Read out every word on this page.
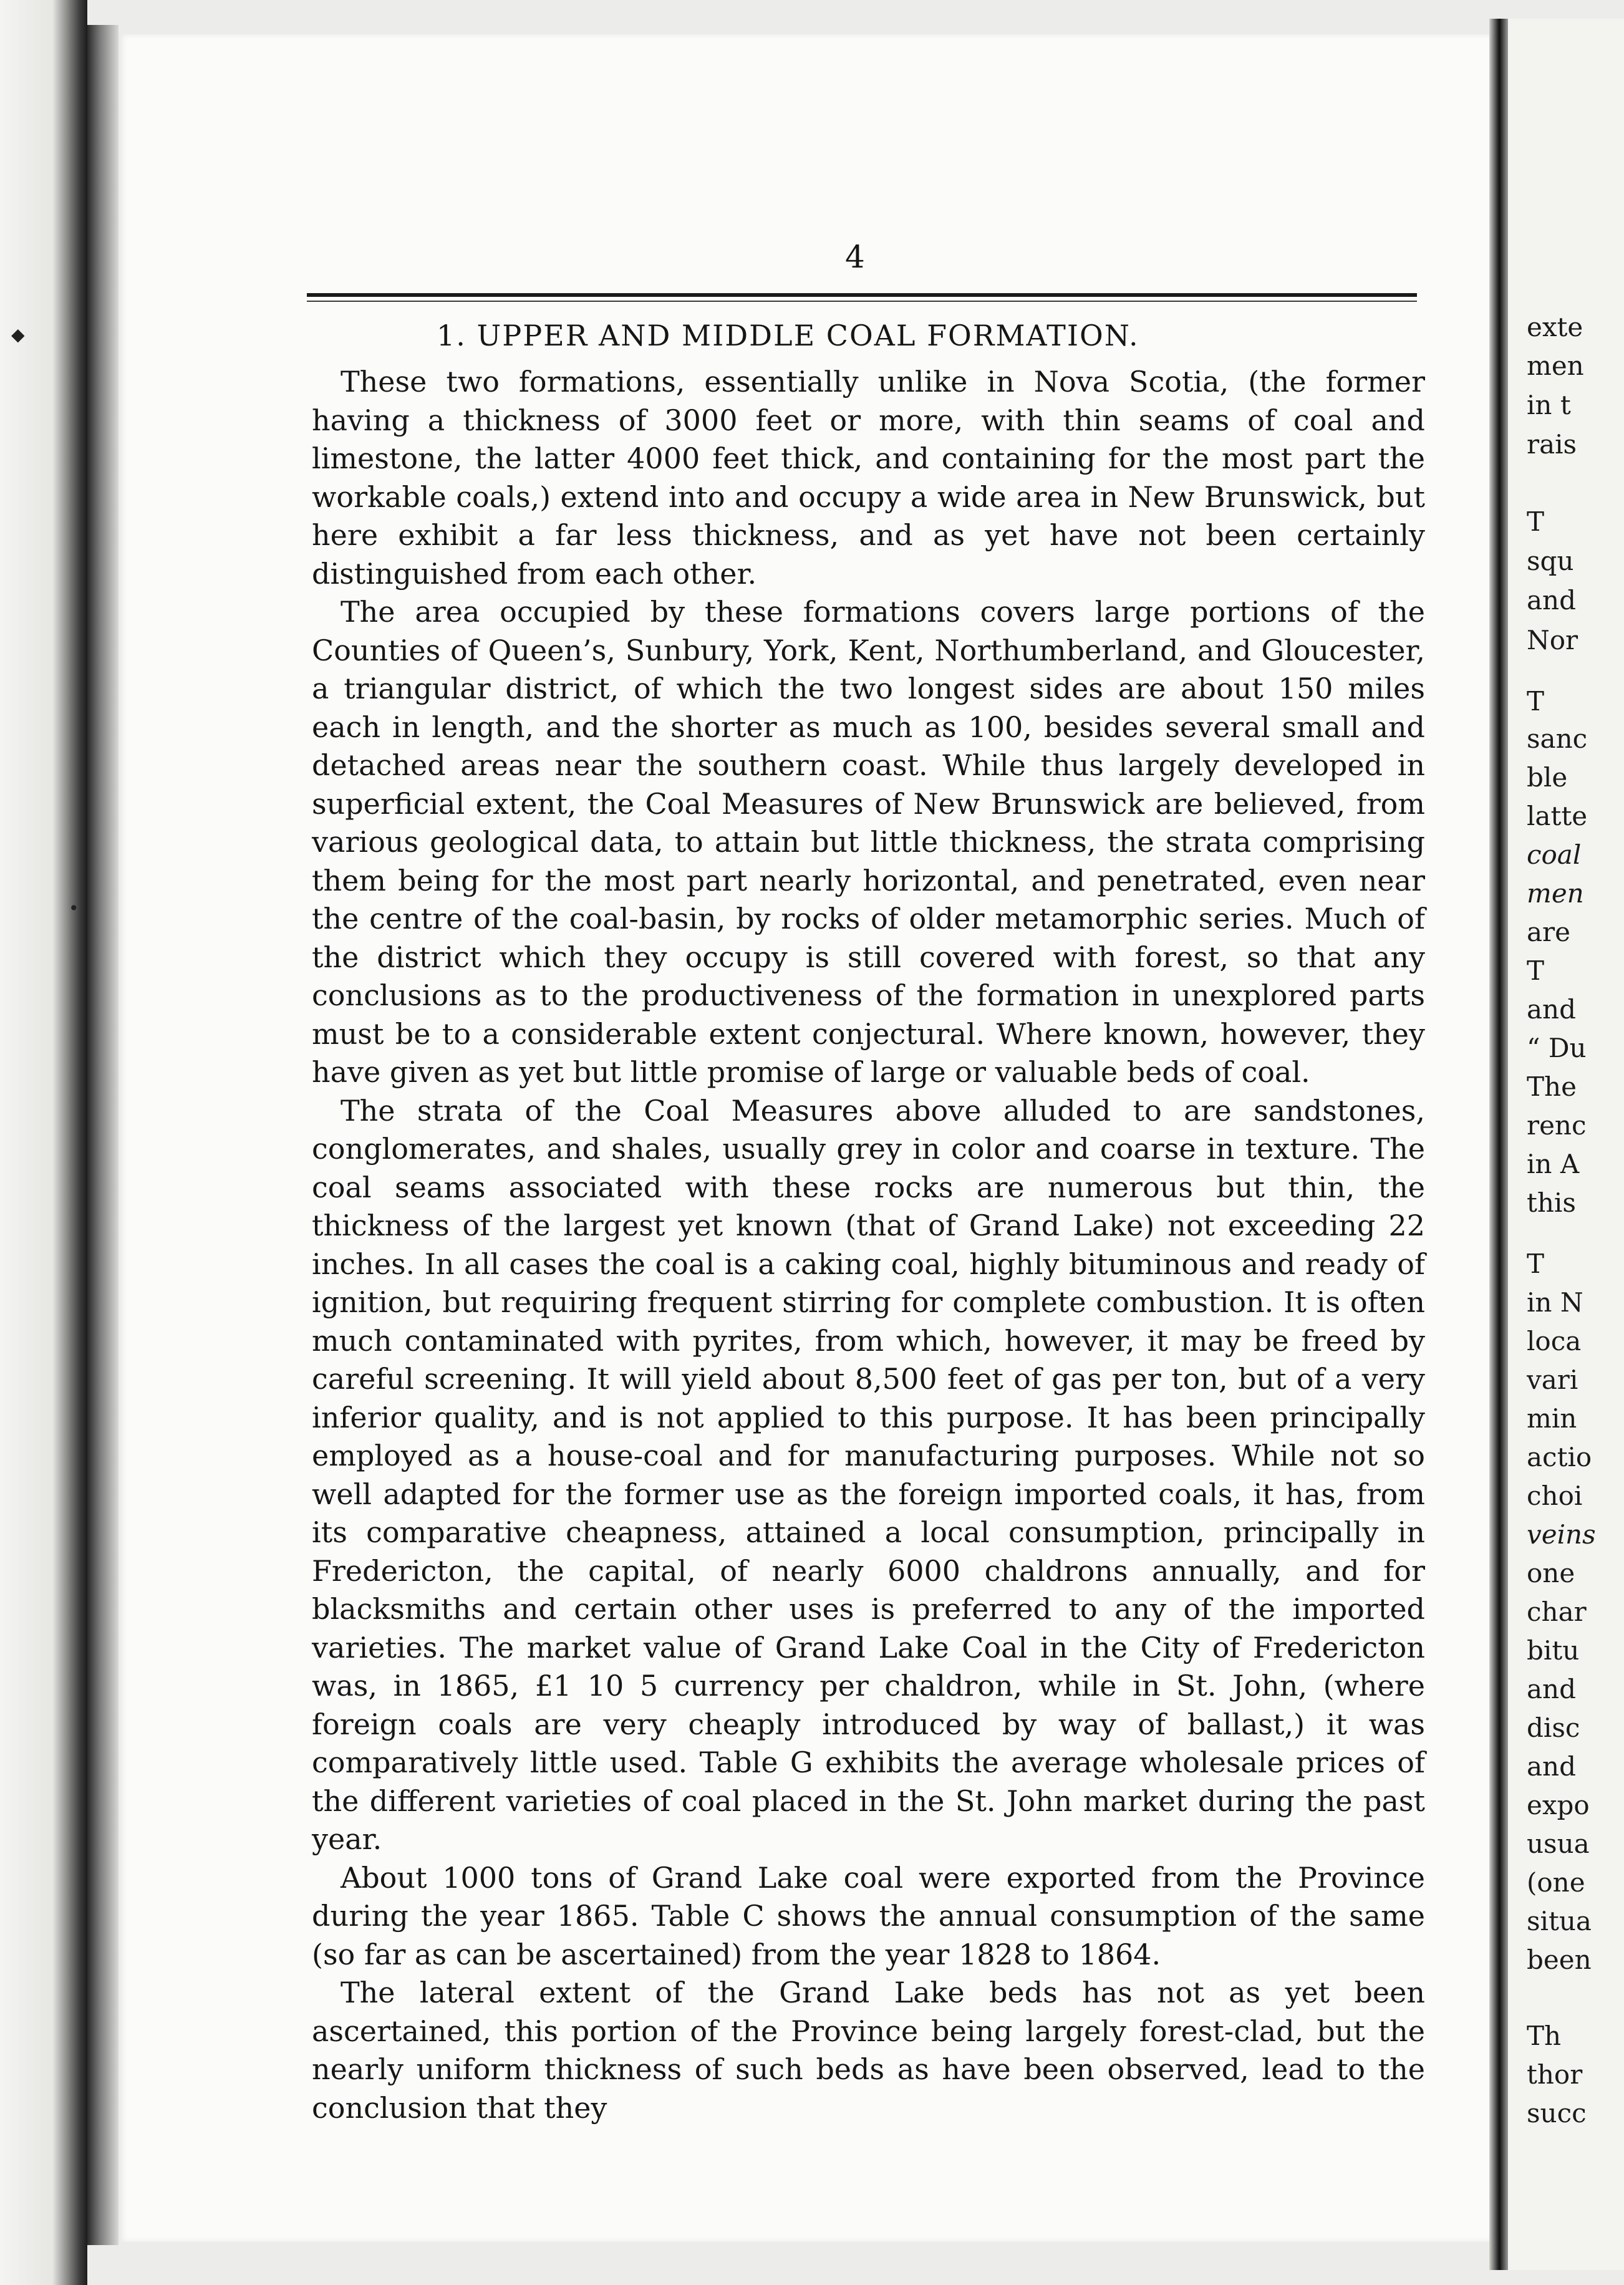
◆
•
4
1. UPPER AND MIDDLE COAL FORMATION.

These two formations, essentially unlike in Nova Scotia, (the former having a thickness of 3000 feet or more, with thin seams of coal and limestone, the latter 4000 feet thick, and containing for the most part the workable coals,) extend into and occupy a wide area in New Brunswick, but here exhibit a far less thickness, and as yet have not been certainly distinguished from each other.

The area occupied by these formations covers large portions of the Counties of Queen’s, Sunbury, York, Kent, Northumberland, and Gloucester, a triangular district, of which the two longest sides are about 150 miles each in length, and the shorter as much as 100, besides several small and detached areas near the southern coast. While thus largely developed in superficial extent, the Coal Measures of New Brunswick are believed, from various geological data, to attain but little thickness, the strata comprising them being for the most part nearly horizontal, and penetrated, even near the centre of the coal-basin, by rocks of older metamorphic series. Much of the district which they occupy is still covered with forest, so that any conclusions as to the productiveness of the formation in unexplored parts must be to a considerable extent conjectural. Where known, however, they have given as yet but little promise of large or valuable beds of coal.

The strata of the Coal Measures above alluded to are sandstones, conglomerates, and shales, usually grey in color and coarse in texture. The coal seams associated with these rocks are numerous but thin, the thickness of the largest yet known (that of Grand Lake) not exceeding 22 inches. In all cases the coal is a caking coal, highly bituminous and ready of ignition, but requiring frequent stirring for complete combustion. It is often much contaminated with pyrites, from which, however, it may be freed by careful screening. It will yield about 8,500 feet of gas per ton, but of a very inferior quality, and is not applied to this purpose. It has been principally employed as a house-coal and for manufacturing purposes. While not so well adapted for the former use as the foreign imported coals, it has, from its comparative cheapness, attained a local consumption, principally in Fredericton, the capital, of nearly 6000 chaldrons annually, and for blacksmiths and certain other uses is preferred to any of the imported varieties. The market value of Grand Lake Coal in the City of Fredericton was, in 1865, £1 10 5 currency per chaldron, while in St. John, (where foreign coals are very cheaply introduced by way of ballast,) it was comparatively little used. Table G exhibits the average wholesale prices of the different varieties of coal placed in the St. John market during the past year.

About 1000 tons of Grand Lake coal were exported from the Province during the year 1865. Table C shows the annual consumption of the same (so far as can be ascertained) from the year 1828 to 1864.

The lateral extent of the Grand Lake beds has not as yet been ascertained, this portion of the Province being largely forest-clad, but the nearly uniform thickness of such beds as have been observed, lead to the conclusion that they

exte
men
in t
rais
T
squ
and
Nor
T
sanc
ble
latte
coal
men
are
T
and
“ Du
The
renc
in A
this
T
in N
loca
vari
min
actio
choi
veins
one
char
bitu
and
disc
and
expo
usua
(one
situa
been
Th
thor
succ
